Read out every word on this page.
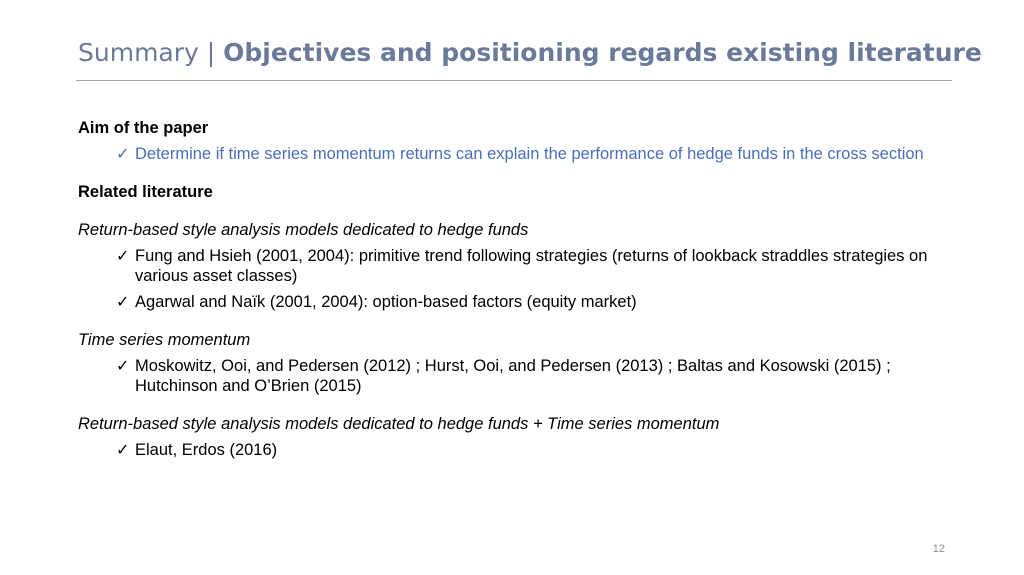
Summary | Objectives and positioning regards existing literature
Aim of the paper
✓ Determine if time series momentum returns can explain the performance of hedge funds in the cross section
Related literature
Return-based style analysis models dedicated to hedge funds
✓ Fung and Hsieh (2001, 2004): primitive trend following strategies (returns of lookback straddles strategies on various asset classes)
✓ Agarwal and Naïk (2001, 2004): option-based factors (equity market)
Time series momentum
✓ Moskowitz, Ooi, and Pedersen (2012) ; Hurst, Ooi, and Pedersen (2013) ; Baltas and Kosowski (2015) ; Hutchinson and O’Brien (2015)
Return-based style analysis models dedicated to hedge funds + Time series momentum
✓ Elaut, Erdos (2016)
12
